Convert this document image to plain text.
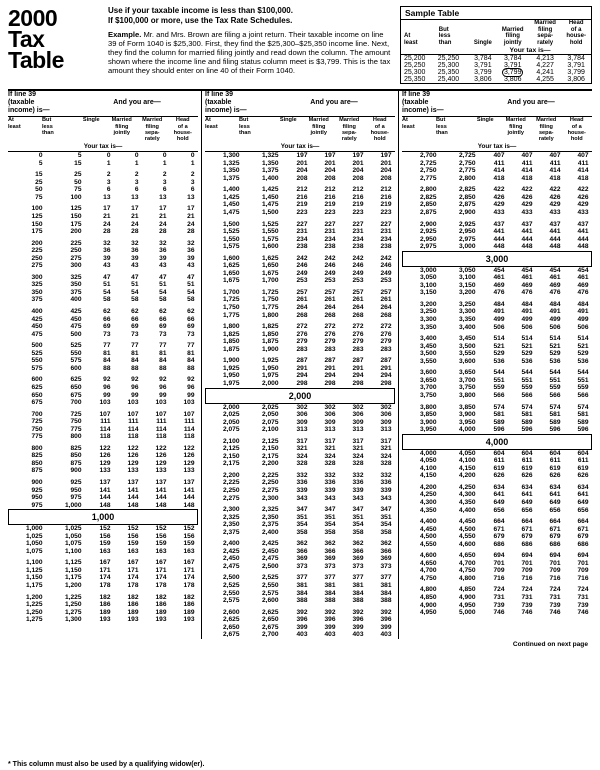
2000
Tax
Table

Use if your taxable income is less than $100,000.
If $100,000 or more, use the Tax Rate Schedules.

Example. Mr. and Mrs. Brown are filing a joint return. Their taxable income on line 39 of Form 1040 is $25,300. First, they find the $25,300–$25,350 income line. Next, they find the column for married filing jointly and read down the column. The amount shown where the income line and filing status column meet is $3,799. This is the tax amount they should enter on line 40 of their Form 1040.

Sample Table
At
least	But
less
than	Single	Married
filing
jointly	Married
filing
sepa-
rately	Head
of a
house-
hold
		Your tax is—			
25,200	25,250	3,784	3,784	4,213	3,784
25,250	25,300	3,791	3,791	4,227	3,791
25,300	25,350	3,799	3,799	4,241	3,799
25,350	25,400	3,806	3,806	4,255	3,806
If line 39
(taxable
income) is—
And you are—
At
least
But
less
than
Single	Married
filing
jointly
Married
filing
sepa-
rately
Head
of a
house-
hold
Your tax is—
0	5	0	0	0	0
5	15	1	1	1	1

15	25	2	2	2	2
25	50	3	3	3	3
50	75	6	6	6	6
75	100	13	13	13	13

100	125	17	17	17	17
125	150	21	21	21	21
150	175	24	24	24	24
175	200	28	28	28	28

200	225	32	32	32	32
225	250	36	36	36	36
250	275	39	39	39	39
275	300	43	43	43	43

300	325	47	47	47	47
325	350	51	51	51	51
350	375	54	54	54	54
375	400	58	58	58	58

400	425	62	62	62	62
425	450	66	66	66	66
450	475	69	69	69	69
475	500	73	73	73	73

500	525	77	77	77	77
525	550	81	81	81	81
550	575	84	84	84	84
575	600	88	88	88	88

600	625	92	92	92	92
625	650	96	96	96	96
650	675	99	99	99	99
675	700	103	103	103	103

700	725	107	107	107	107
725	750	111	111	111	111
750	775	114	114	114	114
775	800	118	118	118	118

800	825	122	122	122	122
825	850	126	126	126	126
850	875	129	129	129	129
875	900	133	133	133	133

900	925	137	137	137	137
925	950	141	141	141	141
950	975	144	144	144	144
975	1,000	148	148	148	148
1,000					
1,000	1,025	152	152	152	152
1,025	1,050	156	156	156	156
1,050	1,075	159	159	159	159
1,075	1,100	163	163	163	163

1,100	1,125	167	167	167	167
1,125	1,150	171	171	171	171
1,150	1,175	174	174	174	174
1,175	1,200	178	178	178	178

1,200	1,225	182	182	182	182
1,225	1,250	186	186	186	186
1,250	1,275	189	189	189	189
1,275	1,300	193	193	193	193
If line 39
(taxable
income) is—
And you are—
At
least
But
less
than
Single	Married
filing
jointly
Married
filing
sepa-
rately
Head
of a
house-
hold
Your tax is—
1,300	1,325	197	197	197	197
1,325	1,350	201	201	201	201
1,350	1,375	204	204	204	204
1,375	1,400	208	208	208	208

1,400	1,425	212	212	212	212
1,425	1,450	216	216	216	216
1,450	1,475	219	219	219	219
1,475	1,500	223	223	223	223

1,500	1,525	227	227	227	227
1,525	1,550	231	231	231	231
1,550	1,575	234	234	234	234
1,575	1,600	238	238	238	238

1,600	1,625	242	242	242	242
1,625	1,650	246	246	246	246
1,650	1,675	249	249	249	249
1,675	1,700	253	253	253	253

1,700	1,725	257	257	257	257
1,725	1,750	261	261	261	261
1,750	1,775	264	264	264	264
1,775	1,800	268	268	268	268

1,800	1,825	272	272	272	272
1,825	1,850	276	276	276	276
1,850	1,875	279	279	279	279
1,875	1,900	283	283	283	283

1,900	1,925	287	287	287	287
1,925	1,950	291	291	291	291
1,950	1,975	294	294	294	294
1,975	2,000	298	298	298	298
2,000					
2,000	2,025	302	302	302	302
2,025	2,050	306	306	306	306
2,050	2,075	309	309	309	309
2,075	2,100	313	313	313	313

2,100	2,125	317	317	317	317
2,125	2,150	321	321	321	321
2,150	2,175	324	324	324	324
2,175	2,200	328	328	328	328

2,200	2,225	332	332	332	332
2,225	2,250	336	336	336	336
2,250	2,275	339	339	339	339
2,275	2,300	343	343	343	343

2,300	2,325	347	347	347	347
2,325	2,350	351	351	351	351
2,350	2,375	354	354	354	354
2,375	2,400	358	358	358	358

2,400	2,425	362	362	362	362
2,425	2,450	366	366	366	366
2,450	2,475	369	369	369	369
2,475	2,500	373	373	373	373

2,500	2,525	377	377	377	377
2,525	2,550	381	381	381	381
2,550	2,575	384	384	384	384
2,575	2,600	388	388	388	388

2,600	2,625	392	392	392	392
2,625	2,650	396	396	396	396
2,650	2,675	399	399	399	399
2,675	2,700	403	403	403	403
If line 39
(taxable
income) is—
And you are—
At
least
But
less
than
Single	Married
filing
jointly
Married
filing
sepa-
rately
Head
of a
house-
hold
Your tax is—
2,700	2,725	407	407	407	407
2,725	2,750	411	411	411	411
2,750	2,775	414	414	414	414
2,775	2,800	418	418	418	418

2,800	2,825	422	422	422	422
2,825	2,850	426	426	426	426
2,850	2,875	429	429	429	429
2,875	2,900	433	433	433	433

2,900	2,925	437	437	437	437
2,925	2,950	441	441	441	441
2,950	2,975	444	444	444	444
2,975	3,000	448	448	448	448
3,000					
3,000	3,050	454	454	454	454
3,050	3,100	461	461	461	461
3,100	3,150	469	469	469	469
3,150	3,200	476	476	476	476

3,200	3,250	484	484	484	484
3,250	3,300	491	491	491	491
3,300	3,350	499	499	499	499
3,350	3,400	506	506	506	506

3,400	3,450	514	514	514	514
3,450	3,500	521	521	521	521
3,500	3,550	529	529	529	529
3,550	3,600	536	536	536	536

3,600	3,650	544	544	544	544
3,650	3,700	551	551	551	551
3,700	3,750	559	559	559	559
3,750	3,800	566	566	566	566

3,800	3,850	574	574	574	574
3,850	3,900	581	581	581	581
3,900	3,950	589	589	589	589
3,950	4,000	596	596	596	596
4,000					
4,000	4,050	604	604	604	604
4,050	4,100	611	611	611	611
4,100	4,150	619	619	619	619
4,150	4,200	626	626	626	626

4,200	4,250	634	634	634	634
4,250	4,300	641	641	641	641
4,300	4,350	649	649	649	649
4,350	4,400	656	656	656	656

4,400	4,450	664	664	664	664
4,450	4,500	671	671	671	671
4,500	4,550	679	679	679	679
4,550	4,600	686	686	686	686

4,600	4,650	694	694	694	694
4,650	4,700	701	701	701	701
4,700	4,750	709	709	709	709
4,750	4,800	716	716	716	716

4,800	4,850	724	724	724	724
4,850	4,900	731	731	731	731
4,900	4,950	739	739	739	739
4,950	5,000	746	746	746	746
Continued on next page
* This column must also be used by a qualifying widow(er).
